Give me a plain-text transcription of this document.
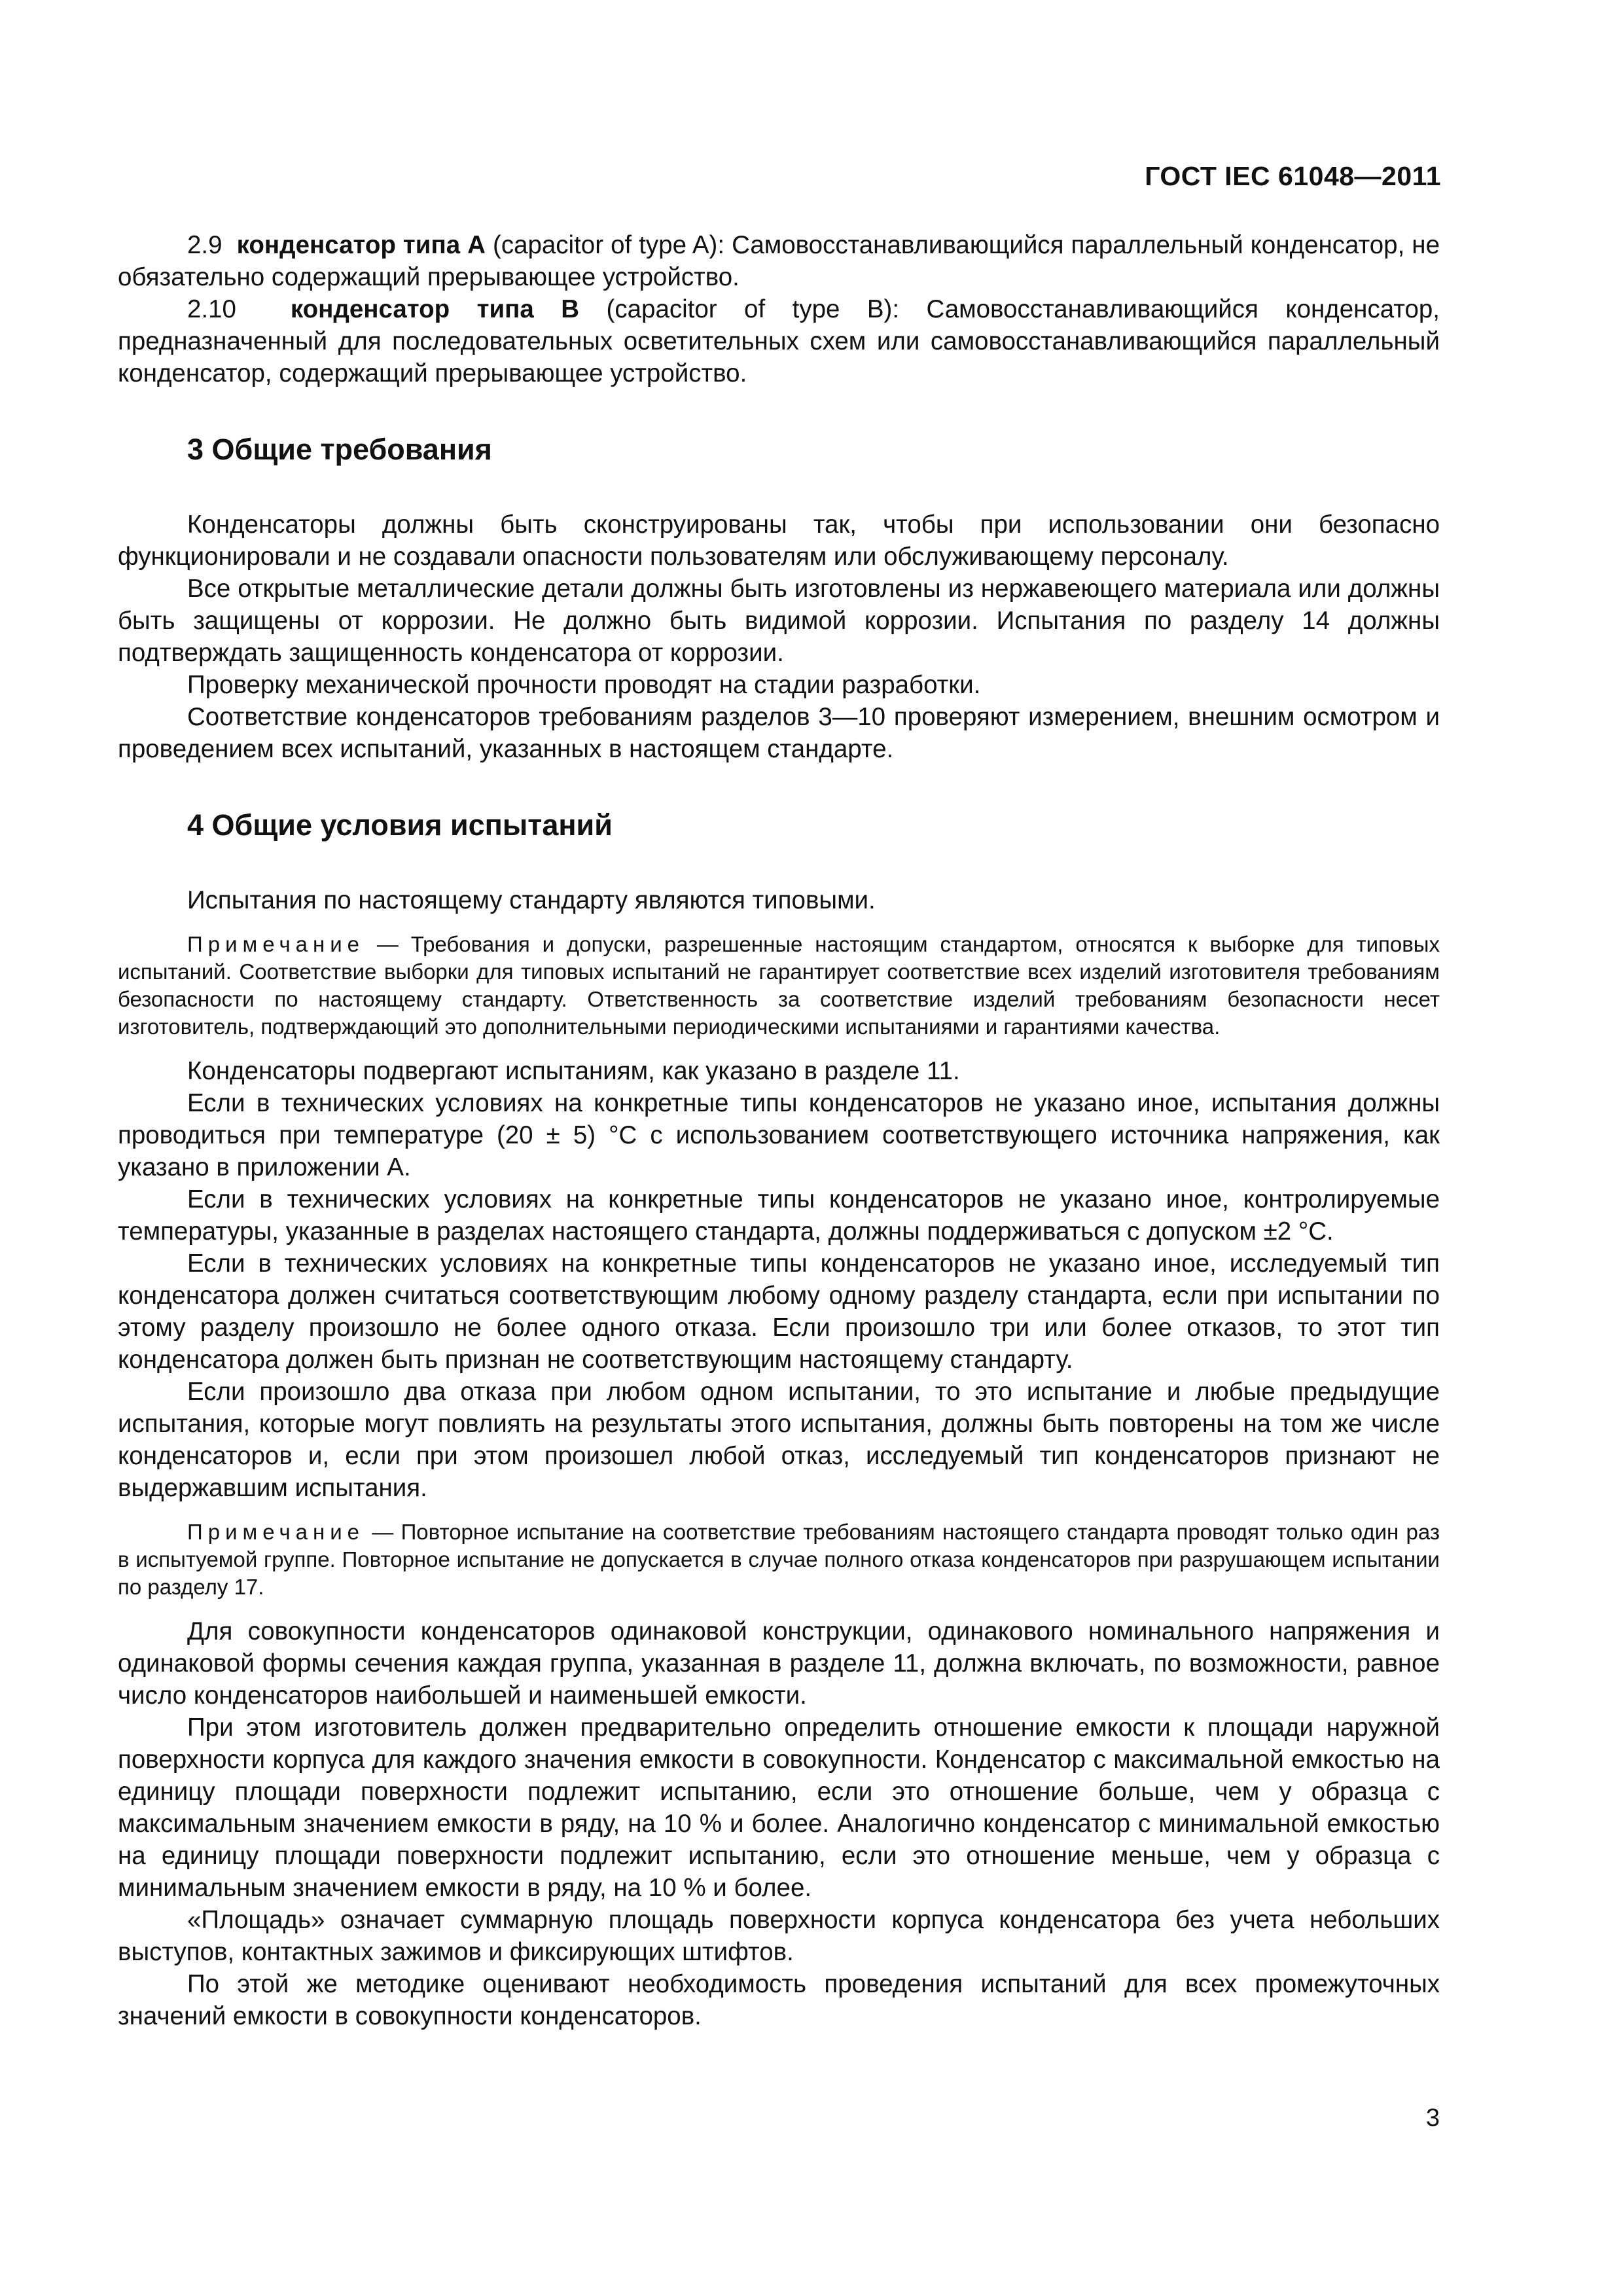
ГОСТ IEC 61048—2011

2.9 конденсатор типа А (capacitor of type A): Самовосстанавливающийся параллельный конденсатор, не обязательно содержащий прерывающее устройство.

2.10 конденсатор типа В (capacitor of type B): Самовосстанавливающийся конденсатор, предназначенный для последовательных осветительных схем или самовосстанавливающийся параллельный конденсатор, содержащий прерывающее устройство.

3 Общие требования

Конденсаторы должны быть сконструированы так, чтобы при использовании они безопасно функционировали и не создавали опасности пользователям или обслуживающему персоналу.

Все открытые металлические детали должны быть изготовлены из нержавеющего материала или должны быть защищены от коррозии. Не должно быть видимой коррозии. Испытания по разделу 14 должны подтверждать защищенность конденсатора от коррозии.

Проверку механической прочности проводят на стадии разработки.

Соответствие конденсаторов требованиям разделов 3—10 проверяют измерением, внешним осмотром и проведением всех испытаний, указанных в настоящем стандарте.

4 Общие условия испытаний

Испытания по настоящему стандарту являются типовыми.

Примечание — Требования и допуски, разрешенные настоящим стандартом, относятся к выборке для типовых испытаний. Соответствие выборки для типовых испытаний не гарантирует соответствие всех изделий изготовителя требованиям безопасности по настоящему стандарту. Ответственность за соответствие изделий требованиям безопасности несет изготовитель, подтверждающий это дополнительными периодическими испытаниями и гарантиями качества.

Конденсаторы подвергают испытаниям, как указано в разделе 11.

Если в технических условиях на конкретные типы конденсаторов не указано иное, испытания должны проводиться при температуре (20 ± 5) °С с использованием соответствующего источника напряжения, как указано в приложении А.

Если в технических условиях на конкретные типы конденсаторов не указано иное, контролируемые температуры, указанные в разделах настоящего стандарта, должны поддерживаться с допуском ±2 °С.

Если в технических условиях на конкретные типы конденсаторов не указано иное, исследуемый тип конденсатора должен считаться соответствующим любому одному разделу стандарта, если при испытании по этому разделу произошло не более одного отказа. Если произошло три или более отказов, то этот тип конденсатора должен быть признан не соответствующим настоящему стандарту.

Если произошло два отказа при любом одном испытании, то это испытание и любые предыдущие испытания, которые могут повлиять на результаты этого испытания, должны быть повторены на том же числе конденсаторов и, если при этом произошел любой отказ, исследуемый тип конденсаторов признают не выдержавшим испытания.

Примечание — Повторное испытание на соответствие требованиям настоящего стандарта проводят только один раз в испытуемой группе. Повторное испытание не допускается в случае полного отказа конденсаторов при разрушающем испытании по разделу 17.

Для совокупности конденсаторов одинаковой конструкции, одинакового номинального напряжения и одинаковой формы сечения каждая группа, указанная в разделе 11, должна включать, по возможности, равное число конденсаторов наибольшей и наименьшей емкости.

При этом изготовитель должен предварительно определить отношение емкости к площади наружной поверхности корпуса для каждого значения емкости в совокупности. Конденсатор с максимальной емкостью на единицу площади поверхности подлежит испытанию, если это отношение больше, чем у образца с максимальным значением емкости в ряду, на 10 % и более. Аналогично конденсатор с минимальной емкостью на единицу площади поверхности подлежит испытанию, если это отношение меньше, чем у образца с минимальным значением емкости в ряду, на 10 % и более.

«Площадь» означает суммарную площадь поверхности корпуса конденсатора без учета небольших выступов, контактных зажимов и фиксирующих штифтов.

По этой же методике оценивают необходимость проведения испытаний для всех промежуточных значений емкости в совокупности конденсаторов.

3
